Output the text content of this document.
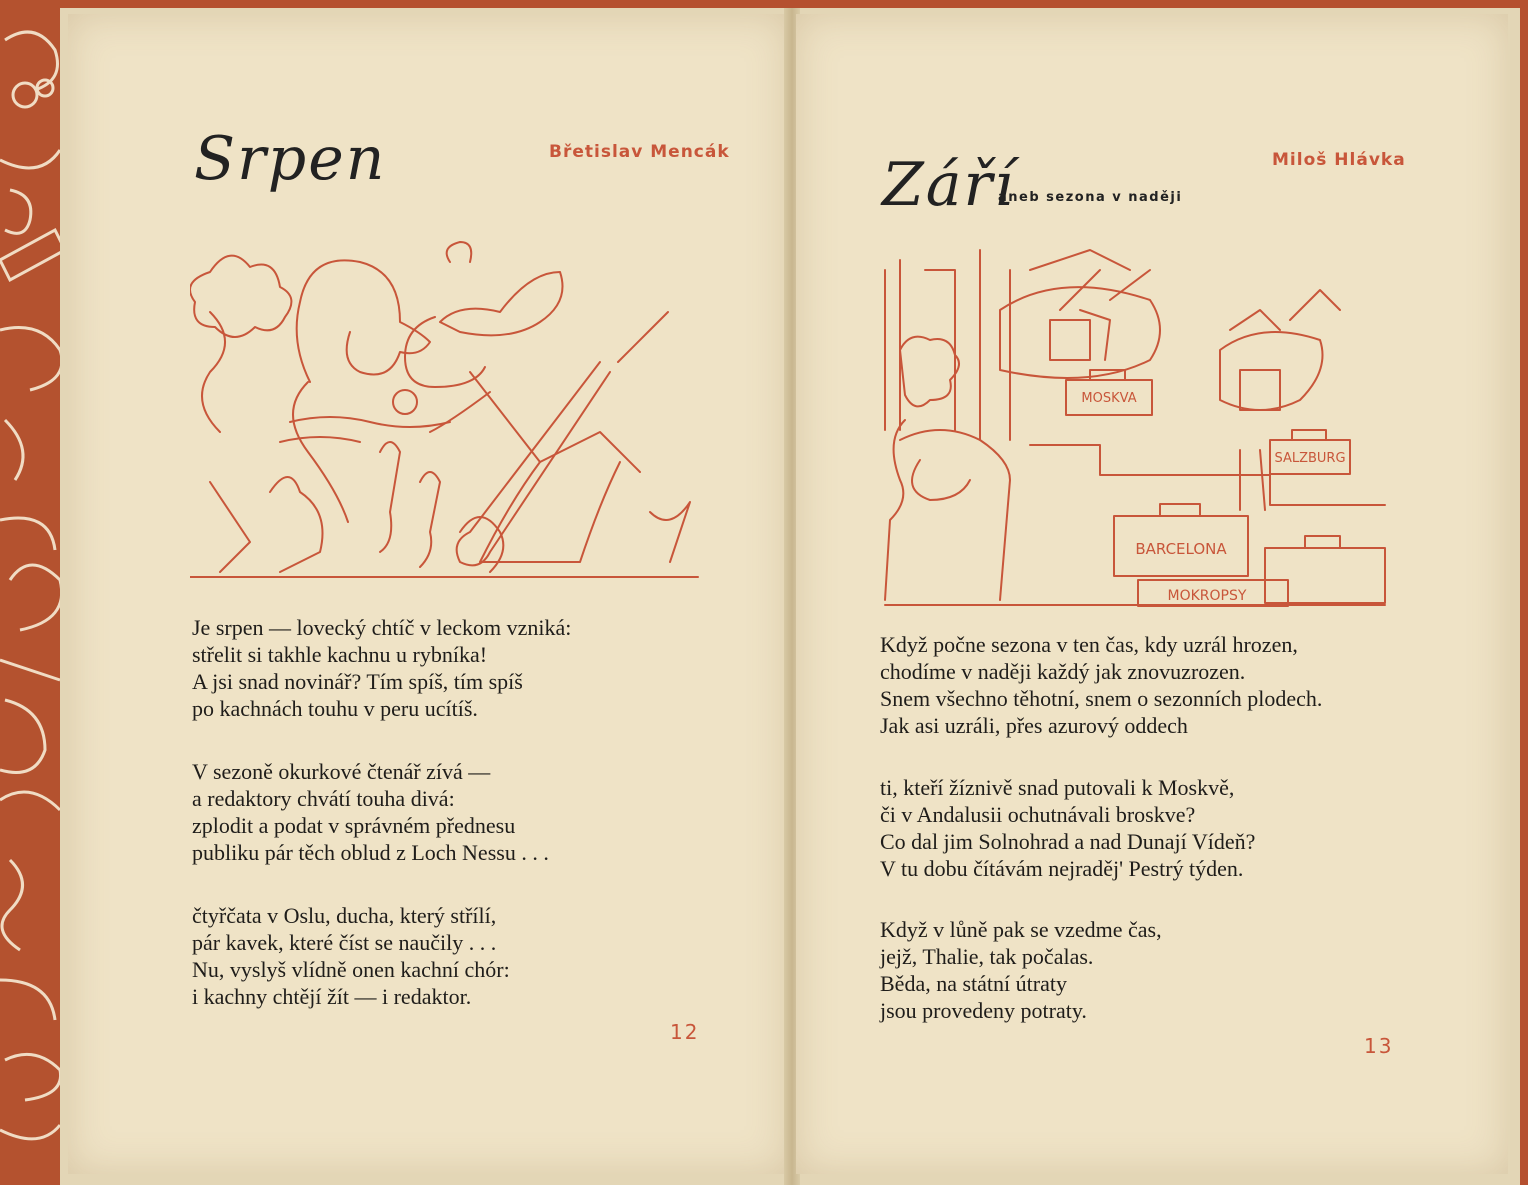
Srpen	Břetislav Mencák
Je srpen — lovecký chtíč v leckom vzniká:
střelit si takhle kachnu u rybníka!
A jsi snad novinář? Tím spíš, tím spíš
po kachnách touhu v peru ucítíš.
V sezoně okurkové čtenář zívá —
a redaktory chvátí touha divá:
zplodit a podat v správném přednesu
publiku pár těch oblud z Loch Nessu . . .
čtyřčata v Oslu, ducha, který střílí,
pár kavek, které číst se naučily . . .
Nu, vyslyš vlídně onen kachní chór:
i kachny chtějí žít — i redaktor.
12
Září
aneb sezona v naději
Miloš Hlávka
MOSKVA
SALZBURG
BARCELONA
MOKROPSY
Když počne sezona v ten čas, kdy uzrál hrozen,
chodíme v naději každý jak znovuzrozen.
Snem všechno těhotní, snem o sezonních plodech.
Jak asi uzráli, přes azurový oddech
ti, kteří žíznivě snad putovali k Moskvě,
či v Andalusii ochutnávali broskve?
Co dal jim Solnohrad a nad Dunají Vídeň?
V tu dobu čítávám nejraděj' Pestrý týden.
Když v lůně pak se vzedme čas,
jejž, Thalie, tak počalas.
Běda, na státní útraty
jsou provedeny potraty.
13
